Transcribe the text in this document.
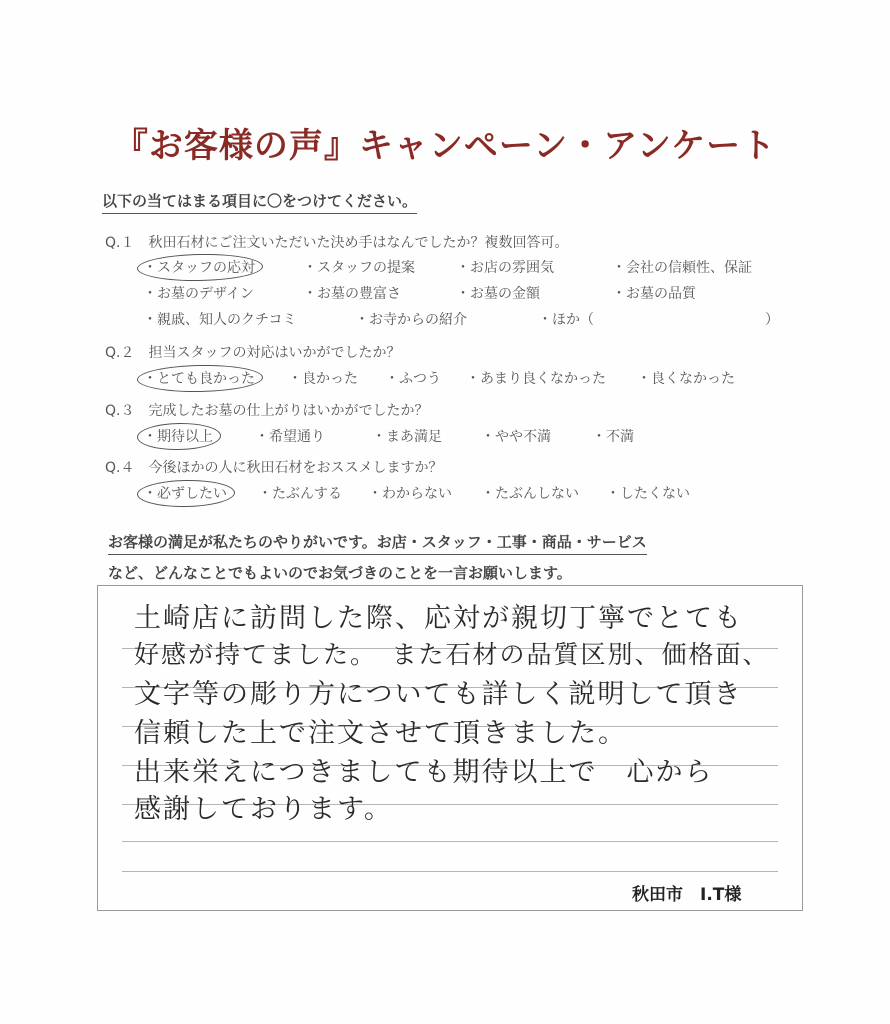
『お客様の声』キャンペーン・アンケート
以下の当てはまる項目に〇をつけてください。
Q.１　秋田石材にご注文いただいた決め手はなんでしたか？複数回答可。
・スタッフの応対	・スタッフの提案	・お店の雰囲気	・会社の信頼性、保証
・お墓のデザイン	・お墓の豊富さ	・お墓の金額	・お墓の品質
・親戚、知人のクチコミ	・お寺からの紹介	・ほか（	）
Q.２　担当スタッフの対応はいかがでしたか？
・とても良かった ・良かった ・ふつう ・あまり良くなかった ・良くなかった
Q.３　完成したお墓の仕上がりはいかがでしたか？
・期待以上	・希望通り	・まあ満足	・やや不満	・不満
Q.４　今後ほかの人に秋田石材をおススメしますか？
・必ずしたい ・たぶんする ・わからない ・たぶんしない ・したくない
お客様の満足が私たちのやりがいです。お店・スタッフ・工事・商品・サービス
など、どんなことでもよいのでお気づきのことを一言お願いします。
土崎店に訪問した際、応対が親切丁寧でとても
好感が持てました。　また石材の品質区別、価格面、
文字等の彫り方についても詳しく説明して頂き
信頼した上で注文させて頂きました。
出来栄えにつきましても期待以上で　心から
感謝しております。
秋田市　I.T様
